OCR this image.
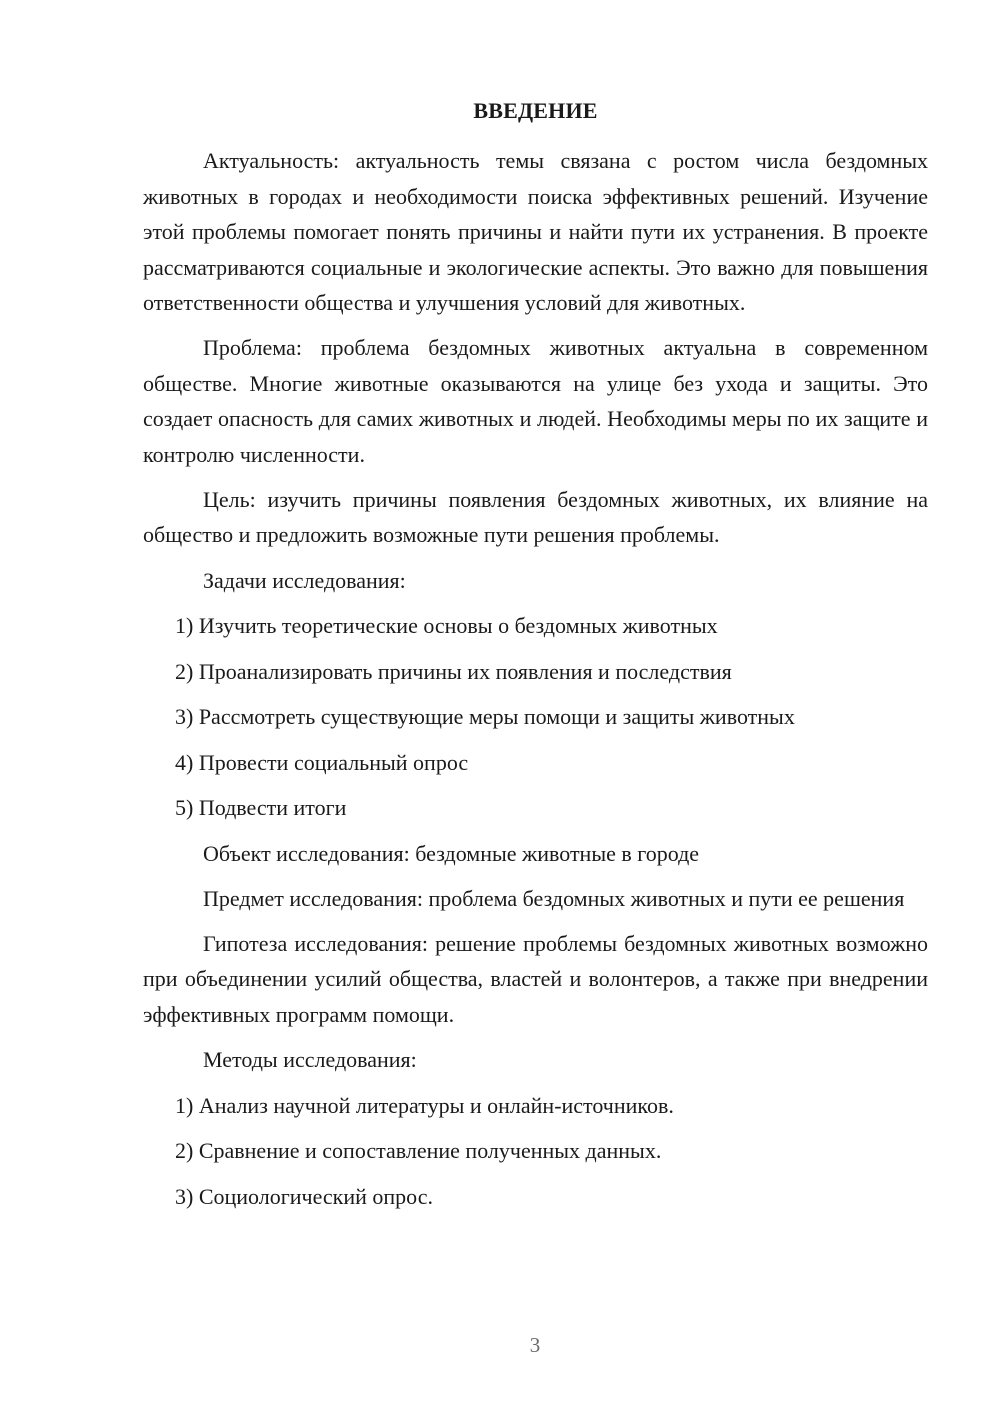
ВВЕДЕНИЕ

Актуальность: актуальность темы связана с ростом числа бездомных животных в городах и необходимости поиска эффективных решений. Изучение этой проблемы помогает понять причины и найти пути их устранения. В проекте рассматриваются социальные и экологические аспекты. Это важно для повышения ответственности общества и улучшения условий для животных.

Проблема: проблема бездомных животных актуальна в современном обществе. Многие животные оказываются на улице без ухода и защиты. Это создает опасность для самих животных и людей. Необходимы меры по их защите и контролю численности.

Цель: изучить причины появления бездомных животных, их влияние на общество и предложить возможные пути решения проблемы.

Задачи исследования:

1) Изучить теоретические основы о бездомных животных

2) Проанализировать причины их появления и последствия

3) Рассмотреть существующие меры помощи и защиты животных

4) Провести социальный опрос

5) Подвести итоги

Объект исследования: бездомные животные в городе

Предмет исследования: проблема бездомных животных и пути ее решения

Гипотеза исследования: решение проблемы бездомных животных возможно при объединении усилий общества, властей и волонтеров, а также при внедрении эффективных программ помощи.

Методы исследования:

1) Анализ научной литературы и онлайн-источников.

2) Сравнение и сопоставление полученных данных.

3) Социологический опрос.

3
